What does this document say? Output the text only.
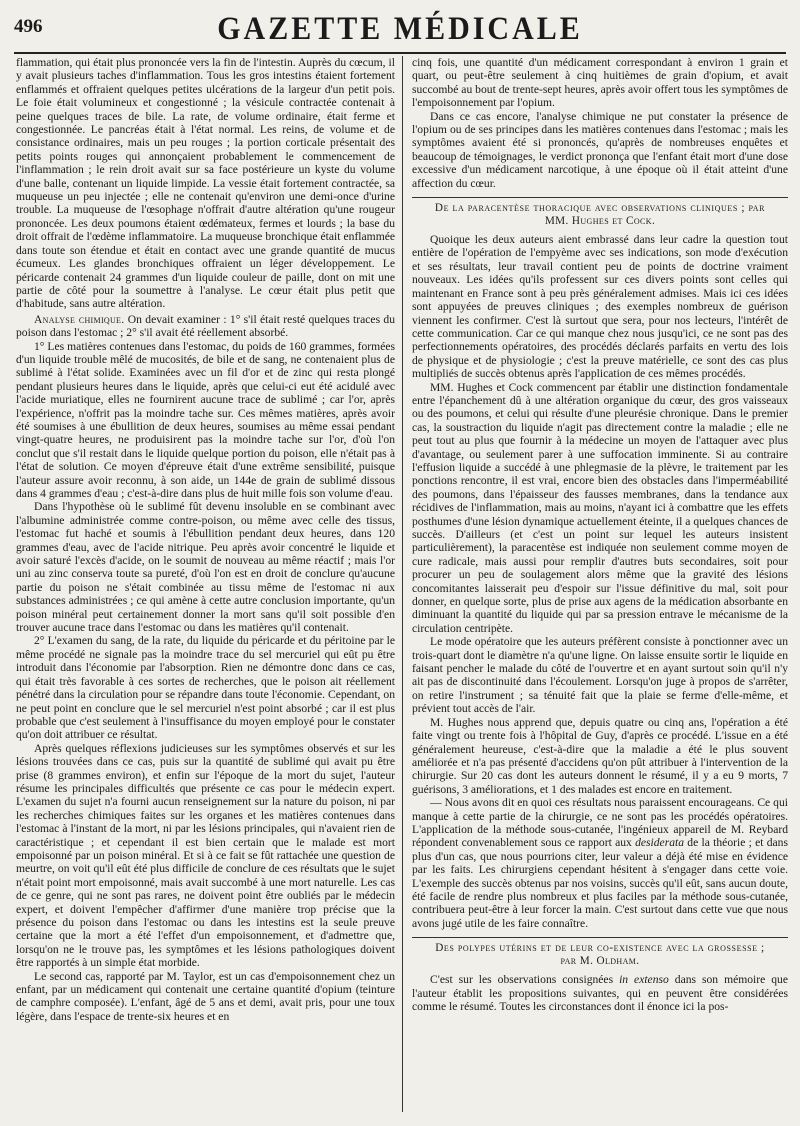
496	GAZETTE MÉDICALE

flammation, qui était plus prononcée vers la fin de l'intestin. Auprès du cœcum, il y avait plusieurs taches d'inflammation. Tous les gros intestins étaient fortement enflammés et offraient quelques petites ulcérations de la largeur d'un petit pois. Le foie était volumineux et congestionné ; la vésicule contractée contenait à peine quelques traces de bile. La rate, de volume ordinaire, était ferme et congestionnée. Le pancréas était à l'état normal. Les reins, de volume et de consistance ordinaires, mais un peu rouges ; la portion corticale présentait des petits points rouges qui annonçaient probablement le commencement de l'inflammation ; le rein droit avait sur sa face postérieure un kyste du volume d'une balle, contenant un liquide limpide. La vessie était fortement contractée, sa muqueuse un peu injectée ; elle ne contenait qu'environ une demi-once d'urine trouble. La muqueuse de l'œsophage n'offrait d'autre altération qu'une rougeur prononcée. Les deux poumons étaient œdémateux, fermes et lourds ; la base du droit offrait de l'œdème inflammatoire. La muqueuse bronchique était enflammée dans toute son étendue et était en contact avec une grande quantité de mucus écumeux. Les glandes bronchiques offraient un léger développement. Le péricarde contenait 24 grammes d'un liquide couleur de paille, dont on mit une partie de côté pour la soumettre à l'analyse. Le cœur était plus petit que d'habitude, sans autre altération.

Analyse chimique. On devait examiner : 1° s'il était resté quelques traces du poison dans l'estomac ; 2° s'il avait été réellement absorbé.

1° Les matières contenues dans l'estomac, du poids de 160 grammes, formées d'un liquide trouble mêlé de mucosités, de bile et de sang, ne contenaient plus de sublimé à l'état solide. Examinées avec un fil d'or et de zinc qui resta plongé pendant plusieurs heures dans le liquide, après que celui-ci eut été acidulé avec l'acide muriatique, elles ne fournirent aucune trace de sublimé ; car l'or, après l'expérience, n'offrit pas la moindre tache sur. Ces mêmes matières, après avoir été soumises à une ébullition de deux heures, soumises au même essai pendant vingt-quatre heures, ne produisirent pas la moindre tache sur l'or, d'où l'on conclut que s'il restait dans le liquide quelque portion du poison, elle n'était pas à l'état de solution. Ce moyen d'épreuve était d'une extrême sensibilité, puisque l'auteur assure avoir reconnu, à son aide, un 144e de grain de sublimé dissous dans 4 grammes d'eau ; c'est-à-dire dans plus de huit mille fois son volume d'eau.

Dans l'hypothèse où le sublimé fût devenu insoluble en se combinant avec l'albumine administrée comme contre-poison, ou même avec celle des tissus, l'estomac fut haché et soumis à l'ébullition pendant deux heures, dans 120 grammes d'eau, avec de l'acide nitrique. Peu après avoir concentré le liquide et avoir saturé l'excès d'acide, on le soumit de nouveau au même réactif ; mais l'or uni au zinc conserva toute sa pureté, d'où l'on est en droit de conclure qu'aucune partie du poison ne s'était combinée au tissu même de l'estomac ni aux substances administrées ; ce qui amène à cette autre conclusion importante, qu'un poison minéral peut certainement donner la mort sans qu'il soit possible d'en trouver aucune trace dans l'estomac ou dans les matières qu'il contenait.

2° L'examen du sang, de la rate, du liquide du péricarde et du péritoine par le même procédé ne signale pas la moindre trace du sel mercuriel qui eût pu être introduit dans l'économie par l'absorption. Rien ne démontre donc dans ce cas, qui était très favorable à ces sortes de recherches, que le poison ait réellement pénétré dans la circulation pour se répandre dans toute l'économie. Cependant, on ne peut point en conclure que le sel mercuriel n'est point absorbé ; car il est plus probable que c'est seulement à l'insuffisance du moyen employé pour le constater qu'on doit attribuer ce résultat.

Après quelques réflexions judicieuses sur les symptômes observés et sur les lésions trouvées dans ce cas, puis sur la quantité de sublimé qui avait pu être prise (8 grammes environ), et enfin sur l'époque de la mort du sujet, l'auteur résume les principales difficultés que présente ce cas pour le médecin expert. L'examen du sujet n'a fourni aucun renseignement sur la nature du poison, ni par les recherches chimiques faites sur les organes et les matières contenues dans l'estomac à l'instant de la mort, ni par les lésions principales, qui n'avaient rien de caractéristique ; et cependant il est bien certain que le malade est mort empoisonné par un poison minéral. Et si à ce fait se fût rattachée une question de meurtre, on voit qu'il eût été plus difficile de conclure de ces résultats que le sujet n'était point mort empoisonné, mais avait succombé à une mort naturelle. Les cas de ce genre, qui ne sont pas rares, ne doivent point être oubliés par le médecin expert, et doivent l'empêcher d'affirmer d'une manière trop précise que la présence du poison dans l'estomac ou dans les intestins est la seule preuve certaine que la mort a été l'effet d'un empoisonnement, et d'admettre que, lorsqu'on ne le trouve pas, les symptômes et les lésions pathologiques doivent être rapportés à un simple état morbide.

Le second cas, rapporté par M. Taylor, est un cas d'empoisonnement chez un enfant, par un médicament qui contenait une certaine quantité d'opium (teinture de camphre composée). L'enfant, âgé de 5 ans et demi, avait pris, pour une toux légère, dans l'espace de trente-six heures et en

cinq fois, une quantité d'un médicament correspondant à environ 1 grain et quart, ou peut-être seulement à cinq huitièmes de grain d'opium, et avait succombé au bout de trente-sept heures, après avoir offert tous les symptômes de l'empoisonnement par l'opium.

Dans ce cas encore, l'analyse chimique ne put constater la présence de l'opium ou de ses principes dans les matières contenues dans l'estomac ; mais les symptômes avaient été si prononcés, qu'après de nombreuses enquêtes et beaucoup de témoignages, le verdict prononça que l'enfant était mort d'une dose excessive d'un médicament narcotique, à une époque où il était atteint d'une affection du cœur.

De la paracentèse thoracique avec observations cliniques ; par
MM. Hughes et Cock.

Quoique les deux auteurs aient embrassé dans leur cadre la question tout entière de l'opération de l'empyème avec ses indications, son mode d'exécution et ses résultats, leur travail contient peu de points de doctrine vraiment nouveaux. Les idées qu'ils professent sur ces divers points sont celles qui maintenant en France sont à peu près généralement admises. Mais ici ces idées sont appuyées de preuves cliniques ; des exemples nombreux de guérison viennent les confirmer. C'est là surtout que sera, pour nos lecteurs, l'intérêt de cette communication. Car ce qui manque chez nous jusqu'ici, ce ne sont pas des perfectionnements opératoires, des procédés déclarés parfaits en vertu des lois de physique et de physiologie ; c'est la preuve matérielle, ce sont des cas plus multipliés de succès obtenus après l'application de ces mêmes procédés.

MM. Hughes et Cock commencent par établir une distinction fondamentale entre l'épanchement dû à une altération organique du cœur, des gros vaisseaux ou des poumons, et celui qui résulte d'une pleurésie chronique. Dans le premier cas, la soustraction du liquide n'agit pas directement contre la maladie ; elle ne peut tout au plus que fournir à la médecine un moyen de l'attaquer avec plus d'avantage, ou seulement parer à une suffocation imminente. Si au contraire l'effusion liquide a succédé à une phlegmasie de la plèvre, le traitement par les ponctions rencontre, il est vrai, encore bien des obstacles dans l'imperméabilité des poumons, dans l'épaisseur des fausses membranes, dans la tendance aux récidives de l'inflammation, mais au moins, n'ayant ici à combattre que les effets posthumes d'une lésion dynamique actuellement éteinte, il a quelques chances de succès. D'ailleurs (et c'est un point sur lequel les auteurs insistent particulièrement), la paracentèse est indiquée non seulement comme moyen de cure radicale, mais aussi pour remplir d'autres buts secondaires, soit pour procurer un peu de soulagement alors même que la gravité des lésions concomitantes laisserait peu d'espoir sur l'issue définitive du mal, soit pour donner, en quelque sorte, plus de prise aux agens de la médication absorbante en diminuant la quantité du liquide qui par sa pression entrave le mécanisme de la circulation centripète.

Le mode opératoire que les auteurs préfèrent consiste à ponctionner avec un trois-quart dont le diamètre n'a qu'une ligne. On laisse ensuite sortir le liquide en faisant pencher le malade du côté de l'ouvertre et en ayant surtout soin qu'il n'y ait pas de discontinuité dans l'écoulement. Lorsqu'on juge à propos de s'arrêter, on retire l'instrument ; sa ténuité fait que la plaie se ferme d'elle-même, et prévient tout accès de l'air.

M. Hughes nous apprend que, depuis quatre ou cinq ans, l'opération a été faite vingt ou trente fois à l'hôpital de Guy, d'après ce procédé. L'issue en a été généralement heureuse, c'est-à-dire que la maladie a été le plus souvent améliorée et n'a pas présenté d'accidens qu'on pût attribuer à l'intervention de la chirurgie. Sur 20 cas dont les auteurs donnent le résumé, il y a eu 9 morts, 7 guérisons, 3 améliorations, et 1 des malades est encore en traitement.

— Nous avons dit en quoi ces résultats nous paraissent encourageans. Ce qui manque à cette partie de la chirurgie, ce ne sont pas les procédés opératoires. L'application de la méthode sous-cutanée, l'ingénieux appareil de M. Reybard répondent convenablement sous ce rapport aux desiderata de la théorie ; et dans plus d'un cas, que nous pourrions citer, leur valeur a déjà été mise en évidence par les faits. Les chirurgiens cependant hésitent à s'engager dans cette voie. L'exemple des succès obtenus par nos voisins, succès qu'il eût, sans aucun doute, été facile de rendre plus nombreux et plus faciles par la méthode sous-cutanée, contribuera peut-être à leur forcer la main. C'est surtout dans cette vue que nous avons jugé utile de les faire connaître.

Des polypes utérins et de leur co-existence avec la grossesse ;
par M. Oldham.

C'est sur les observations consignées in extenso dans son mémoire que l'auteur établit les propositions suivantes, qui en peuvent être considérées comme le résumé. Toutes les circonstances dont il énonce ici la pos-
